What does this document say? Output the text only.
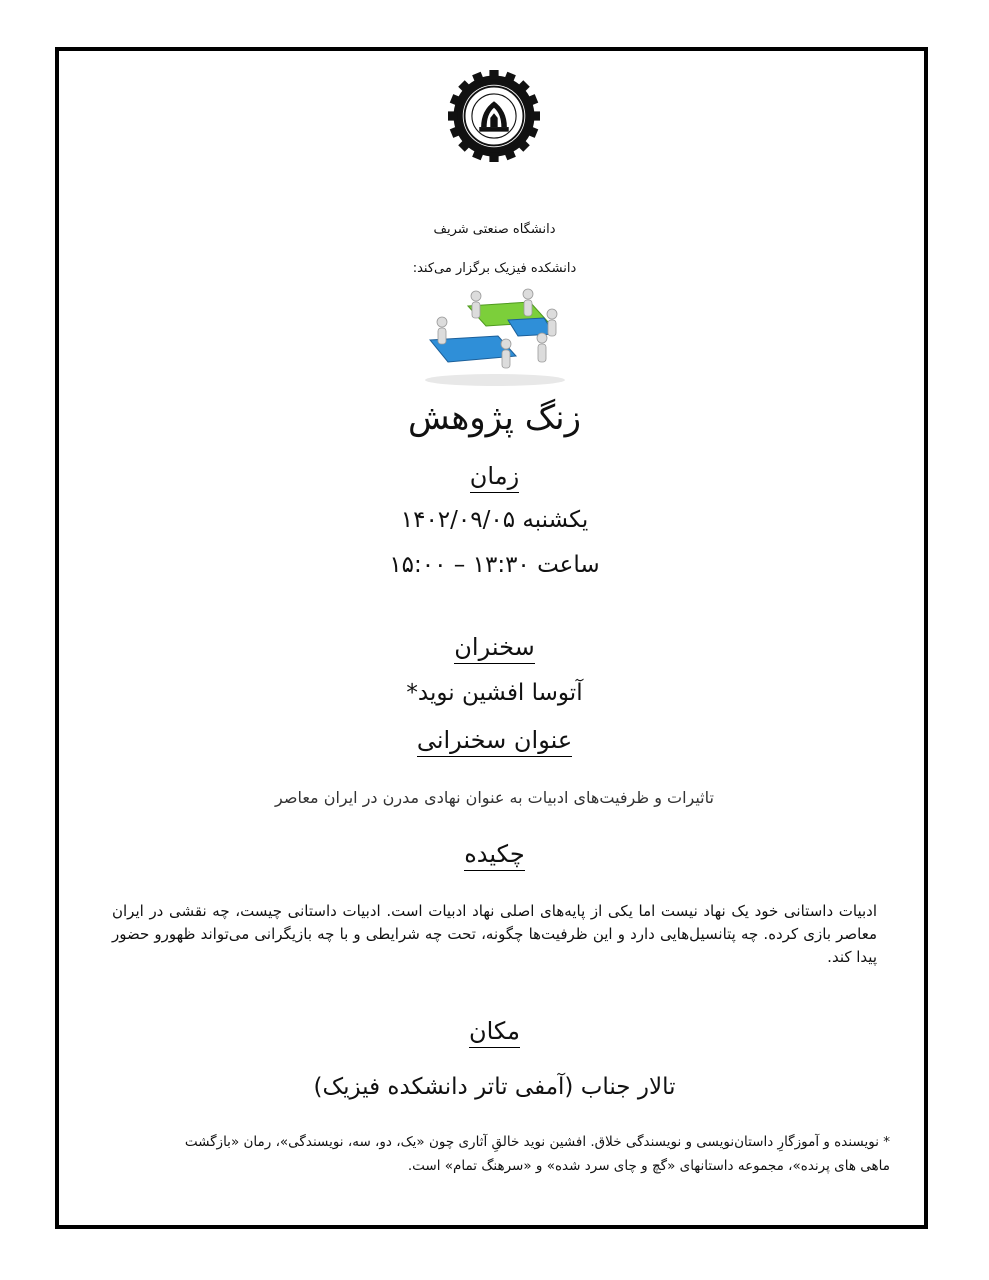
دانشگاه صنعتی شریف
دانشکده فیزیک برگزار می‌کند:
زنگ پژوهش
زمان
یکشنبه ۱۴۰۲/۰۹/۰۵
ساعت ۱۳:۳۰ – ۱۵:۰۰
سخنران
آتوسا افشین نوید*
عنوان سخنرانی
تاثیرات و ظرفیت‌های ادبیات به عنوان نهادی مدرن در ایران معاصر
چکیده
ادبیات داستانی خود یک نهاد نیست اما یکی از پایه‌های اصلی نهاد ادبیات است. ادبیات داستانی چیست، چه نقشی در ایران معاصر بازی کرده. چه پتانسیل‌هایی دارد و این ظرفیت‌ها چگونه، تحت چه شرایطی و با چه بازیگرانی می‌تواند ظهورو حضور پیدا کند.
مکان
تالار جناب (آمفی تاتر دانشکده فیزیک)
* نویسنده و آموزگارِ داستان‌نویسی و نویسندگی خلاق. افشین نوید خالقِ آثاری چون «یک، دو، سه، نویسندگی»، رمان «بازگشت ماهی های پرنده»، مجموعه داستانهای «گچ و چای سرد شده» و «سرهنگ تمام» است.
